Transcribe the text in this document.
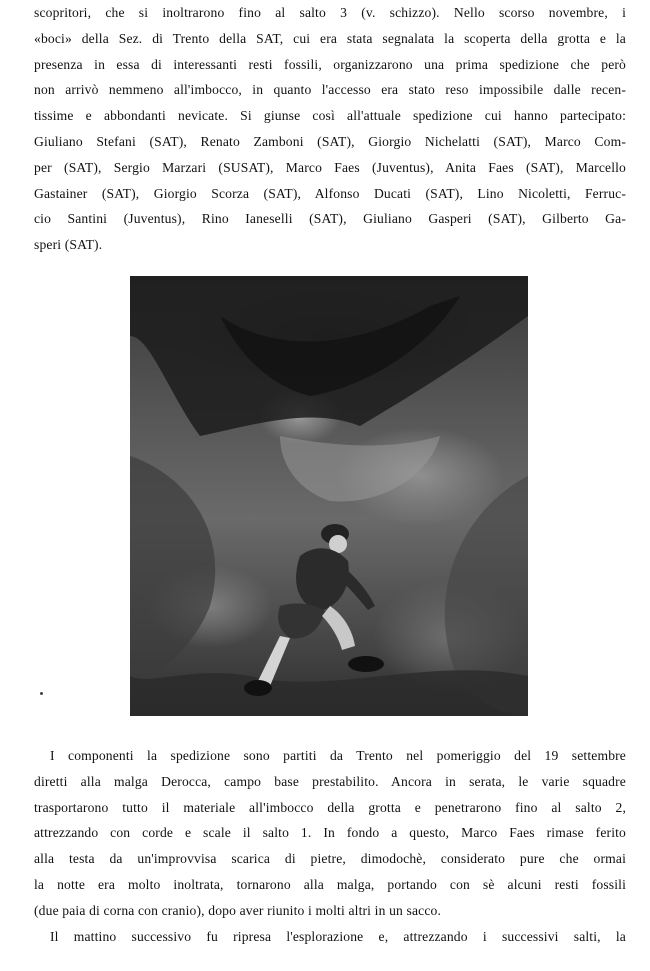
scopritori, che si inoltrarono fino al salto 3 (v. schizzo). Nello scorso novembre, i
«boci» della Sez. di Trento della SAT, cui era stata segnalata la scoperta della grotta e la
presenza in essa di interessanti resti fossili, organizzarono una prima spedizione che però
non arrivò nemmeno all'imbocco, in quanto l'accesso era stato reso impossibile dalle recen-
tissime e abbondanti nevicate. Si giunse così all'attuale spedizione cui hanno partecipato:
Giuliano Stefani (SAT), Renato Zamboni (SAT), Giorgio Nichelatti (SAT), Marco Com-
per (SAT), Sergio Marzari (SUSAT), Marco Faes (Juventus), Anita Faes (SAT), Marcello
Gastainer (SAT), Giorgio Scorza (SAT), Alfonso Ducati (SAT), Lino Nicoletti, Ferruc-
cio Santini (Juventus), Rino Ianeselli (SAT), Giuliano Gasperi (SAT), Gilberto Ga-
speri (SAT).
I componenti la spedizione sono partiti da Trento nel pomeriggio del 19 settembre
diretti alla malga Derocca, campo base prestabilito. Ancora in serata, le varie squadre
trasportarono tutto il materiale all'imbocco della grotta e penetrarono fino al salto 2,
attrezzando con corde e scale il salto 1. In fondo a questo, Marco Faes rimase ferito
alla testa da un'improvvisa scarica di pietre, dimodochè, considerato pure che ormai
la notte era molto inoltrata, tornarono alla malga, portando con sè alcuni resti fossili
(due paia di corna con cranio), dopo aver riunito i molti altri in un sacco.
Il mattino successivo fu ripresa l'esplorazione e, attrezzando i successivi salti, la
